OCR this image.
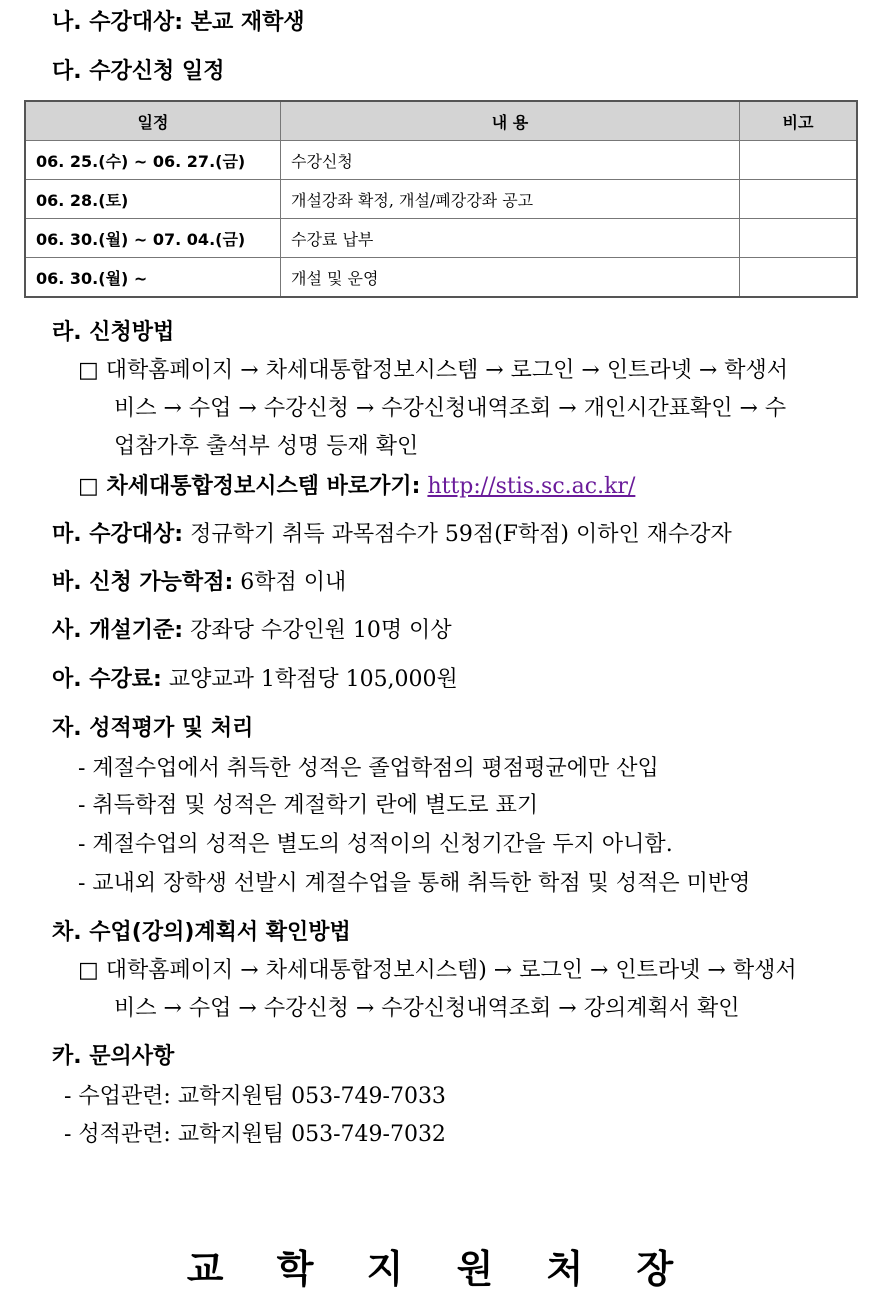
나. 수강대상: 본교 재학생
다. 수강신청 일정
일정	내 용	비고
06. 25.(수) ~ 06. 27.(금)	수강신청	
06. 28.(토)	개설강좌 확정, 개설/폐강강좌 공고	
06. 30.(월) ~ 07. 04.(금)	수강료 납부	
06. 30.(월) ~	개설 및 운영	
라. 신청방법
□ 대학홈페이지 → 차세대통합정보시스템 → 로그인 → 인트라넷 → 학생서
비스 → 수업 → 수강신청 → 수강신청내역조회 → 개인시간표확인 → 수
업참가후 출석부 성명 등재 확인
□ 차세대통합정보시스템 바로가기: http://stis.sc.ac.kr/
마. 수강대상: 정규학기 취득 과목점수가 59점(F학점) 이하인 재수강자
바. 신청 가능학점: 6학점 이내
사. 개설기준: 강좌당 수강인원 10명 이상
아. 수강료: 교양교과 1학점당 105,000원
자. 성적평가 및 처리
- 계절수업에서 취득한 성적은 졸업학점의 평점평균에만 산입
- 취득학점 및 성적은 계절학기 란에 별도로 표기
- 계절수업의 성적은 별도의 성적이의 신청기간을 두지 아니함.
- 교내외 장학생 선발시 계절수업을 통해 취득한 학점 및 성적은 미반영
차. 수업(강의)계획서 확인방법
□ 대학홈페이지 → 차세대통합정보시스템) → 로그인 → 인트라넷 → 학생서
비스 → 수업 → 수강신청 → 수강신청내역조회 → 강의계획서 확인
카. 문의사항
- 수업관련: 교학지원팀 053-749-7033
- 성적관련: 교학지원팀 053-749-7032
교 학 지 원 처 장
